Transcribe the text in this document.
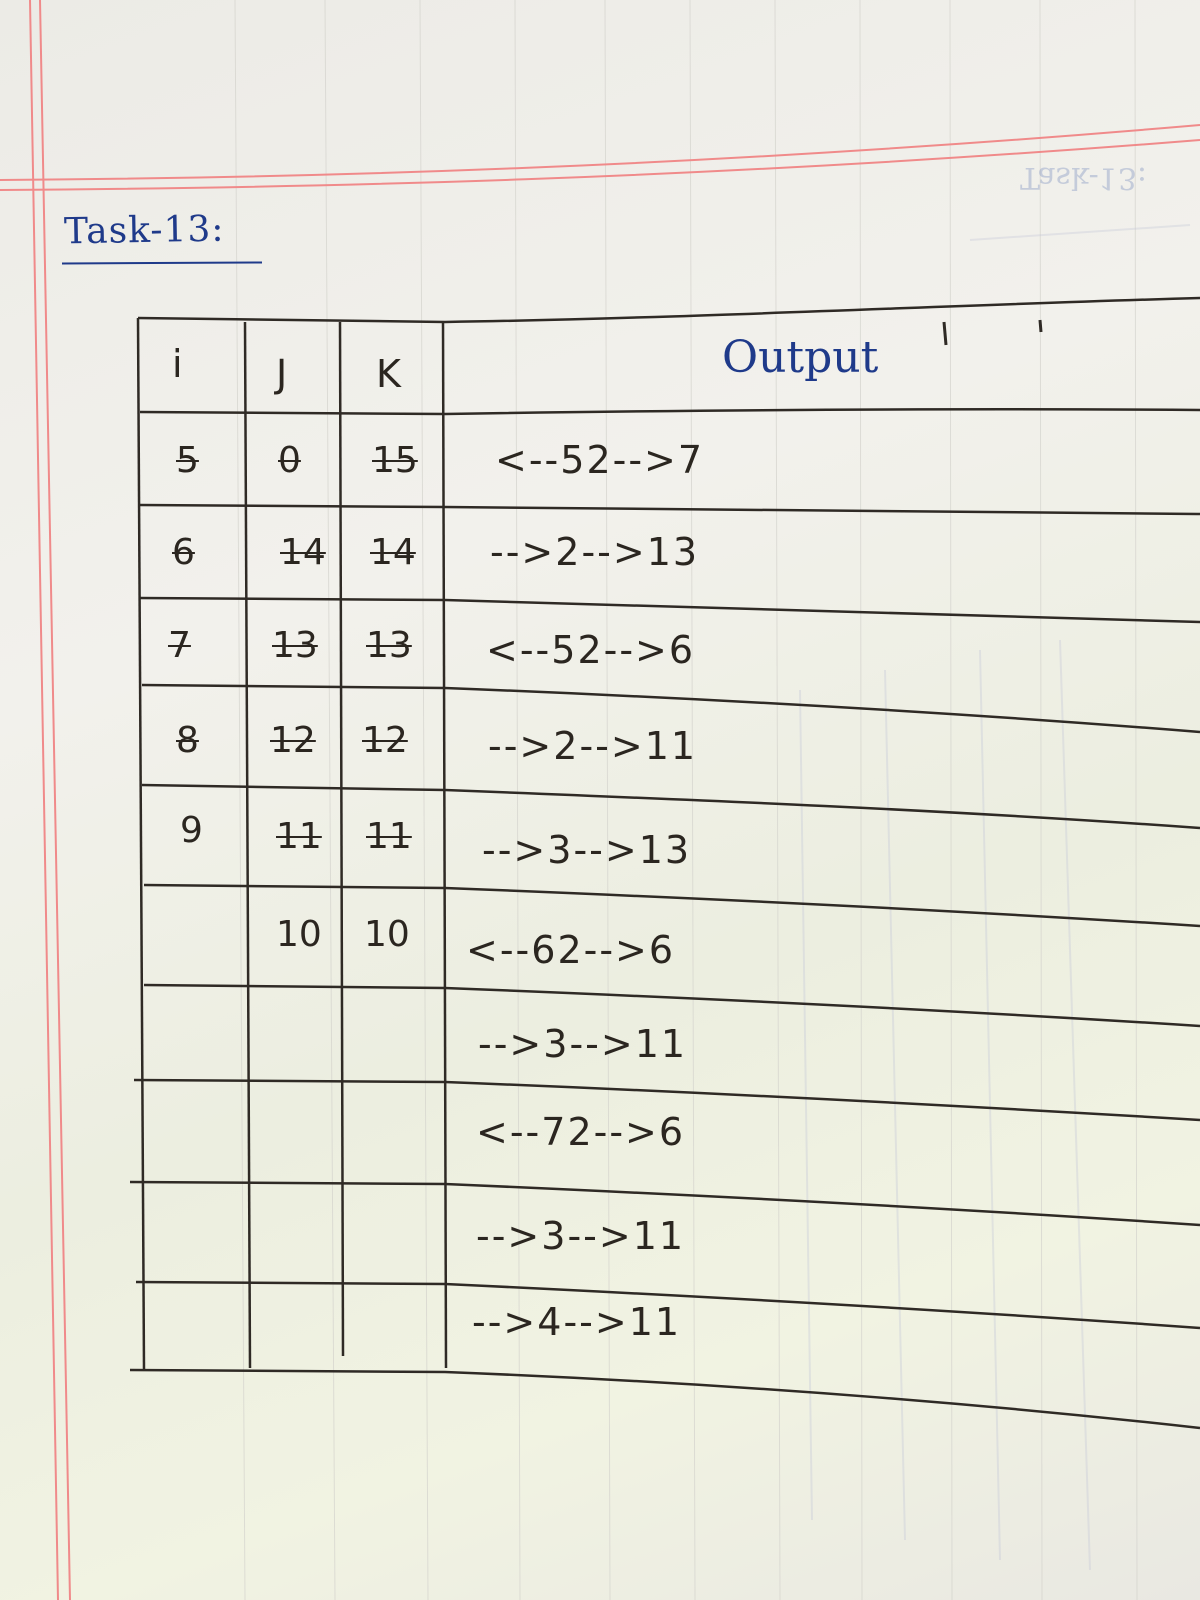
Task-13:
Task-13:
i J K	Output
5 0 15 <--52-->7
6 14 14 -->2-->13
7 13 13 <--52-->6
8 12 12 -->2-->11
9 11 11 -->3-->13
10 10 <--62-->6
-->3-->11
<--72-->6
-->3-->11
-->4-->11
